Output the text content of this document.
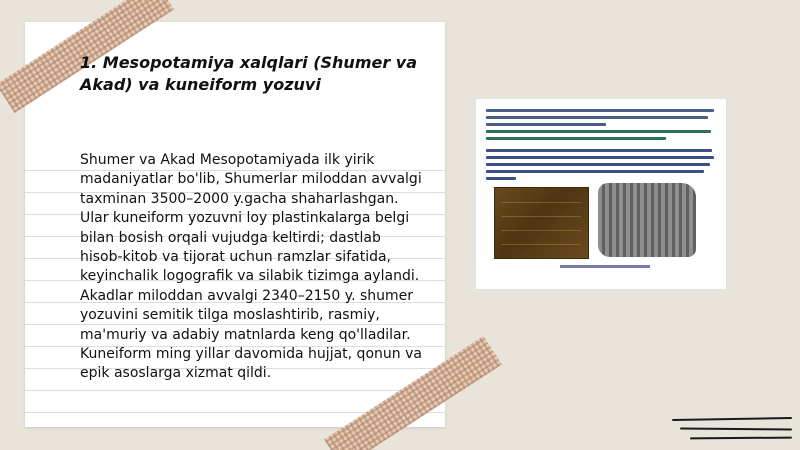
1. Mesopotamiya xalqlari (Shumer va Akad) va kuneiform yozuvi

Shumer va Akad Mesopotamiyada ilk yirik madaniyatlar bo'lib, Shumerlar miloddan avvalgi taxminan 3500–2000 y.gacha shaharlashgan. Ular kuneiform yozuvni loy plastinkalarga belgi bilan bosish orqali vujudga keltirdi; dastlab hisob-kitob va tijorat uchun ramzlar sifatida, keyinchalik logografik va silabik tizimga aylandi. Akadlar miloddan avvalgi 2340–2150 y. shumer yozuvini semitik tilga moslashtirib, rasmiy, ma'muriy va adabiy matnlarda keng qo'lladilar. Kuneiform ming yillar davomida hujjat, qonun va epik asoslarga xizmat qildi.
